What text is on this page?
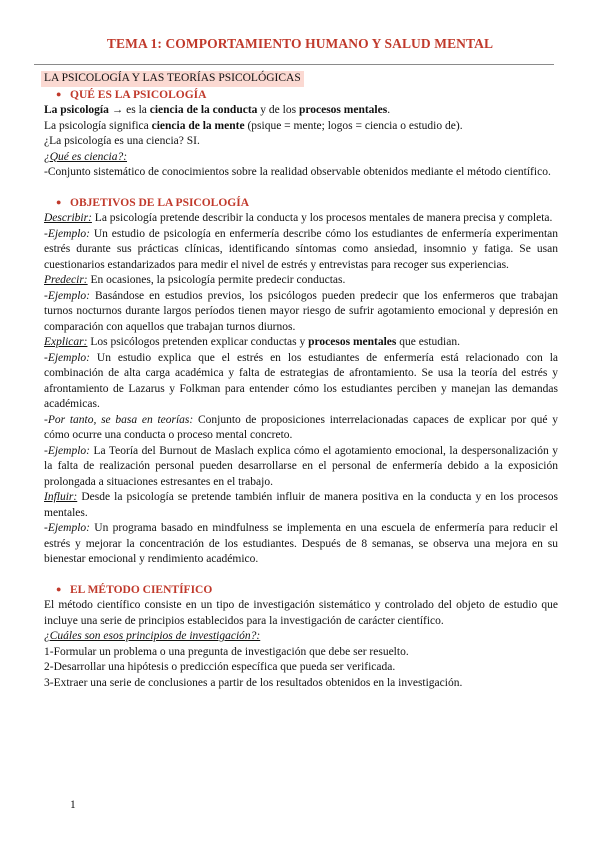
TEMA 1: COMPORTAMIENTO HUMANO Y SALUD MENTAL

LA PSICOLOGÍA Y LAS TEORÍAS PSICOLÓGICAS

● QUÉ ES LA PSICOLOGÍA

La psicología → es la ciencia de la conducta y de los procesos mentales.

La psicología significa ciencia de la mente (psique = mente; logos = ciencia o estudio de).

¿La psicología es una ciencia? SI.

¿Qué es ciencia?:

-Conjunto sistemático de conocimientos sobre la realidad observable obtenidos mediante el método científico.

● OBJETIVOS DE LA PSICOLOGÍA

Describir: La psicología pretende describir la conducta y los procesos mentales de manera precisa y completa.

-Ejemplo: Un estudio de psicología en enfermería describe cómo los estudiantes de enfermería experimentan estrés durante sus prácticas clínicas, identificando síntomas como ansiedad, insomnio y fatiga. Se usan cuestionarios estandarizados para medir el nivel de estrés y entrevistas para recoger sus experiencias.

Predecir: En ocasiones, la psicología permite predecir conductas.

-Ejemplo: Basándose en estudios previos, los psicólogos pueden predecir que los enfermeros que trabajan turnos nocturnos durante largos períodos tienen mayor riesgo de sufrir agotamiento emocional y depresión en comparación con aquellos que trabajan turnos diurnos.

Explicar: Los psicólogos pretenden explicar conductas y procesos mentales que estudian.

-Ejemplo: Un estudio explica que el estrés en los estudiantes de enfermería está relacionado con la combinación de alta carga académica y falta de estrategias de afrontamiento. Se usa la teoría del estrés y afrontamiento de Lazarus y Folkman para entender cómo los estudiantes perciben y manejan las demandas académicas.

-Por tanto, se basa en teorías: Conjunto de proposiciones interrelacionadas capaces de explicar por qué y cómo ocurre una conducta o proceso mental concreto.

-Ejemplo: La Teoría del Burnout de Maslach explica cómo el agotamiento emocional, la despersonalización y la falta de realización personal pueden desarrollarse en el personal de enfermería debido a la exposición prolongada a situaciones estresantes en el trabajo.

Influir: Desde la psicología se pretende también influir de manera positiva en la conducta y en los procesos mentales.

-Ejemplo: Un programa basado en mindfulness se implementa en una escuela de enfermería para reducir el estrés y mejorar la concentración de los estudiantes. Después de 8 semanas, se observa una mejora en su bienestar emocional y rendimiento académico.

● EL MÉTODO CIENTÍFICO

El método científico consiste en un tipo de investigación sistemático y controlado del objeto de estudio que incluye una serie de principios establecidos para la investigación de carácter científico.

¿Cuáles son esos principios de investigación?:

1-Formular un problema o una pregunta de investigación que debe ser resuelto.

2-Desarrollar una hipótesis o predicción específica que pueda ser verificada.

3-Extraer una serie de conclusiones a partir de los resultados obtenidos en la investigación.

1
